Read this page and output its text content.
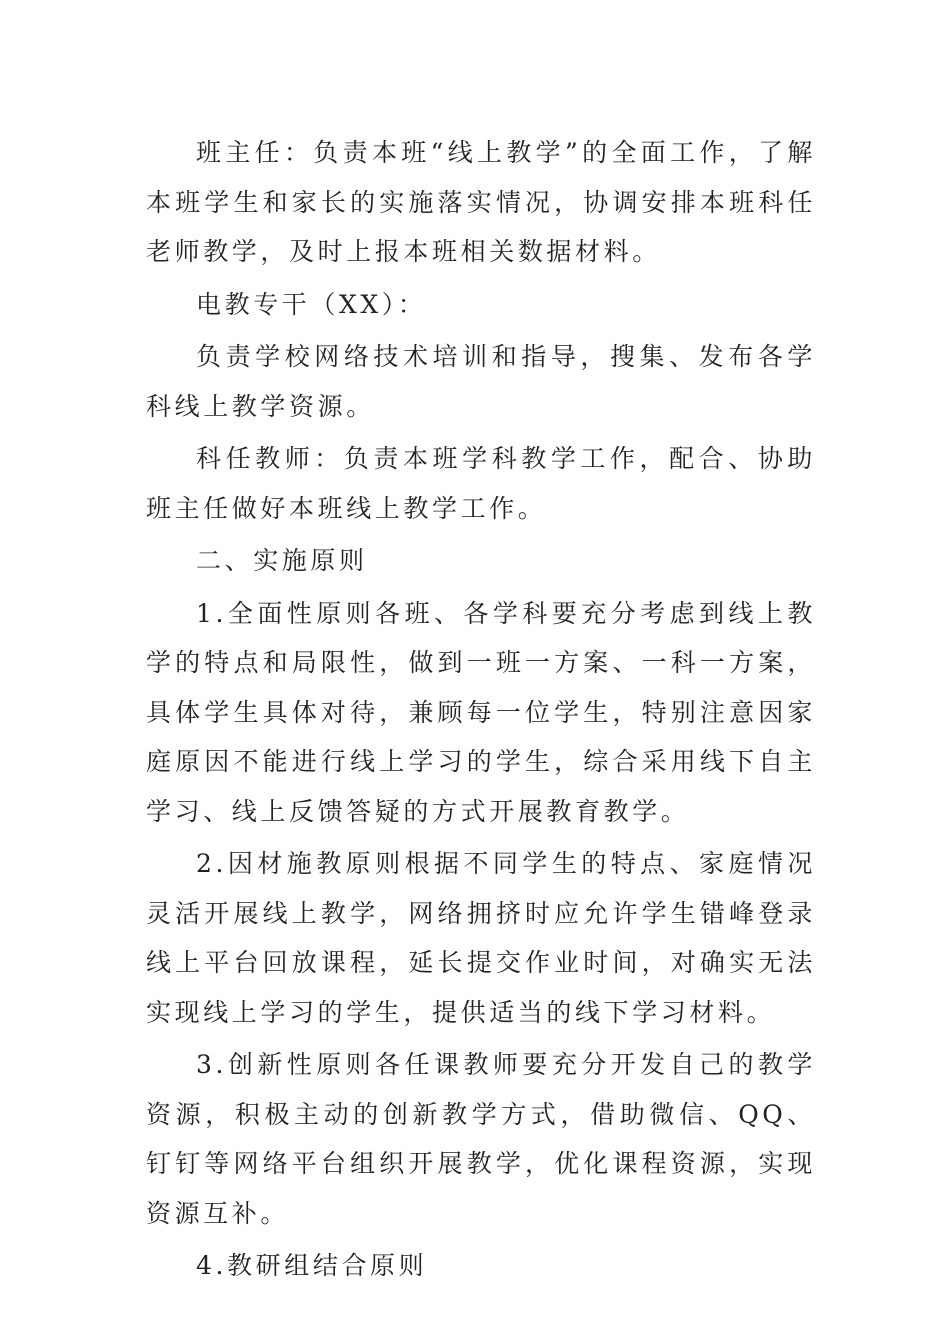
班主任：负责本班“线上教学”的全面工作，了解本班学生和家长的实施落实情况，协调安排本班科任老师教学，及时上报本班相关数据材料。

电教专干（XX）：

负责学校网络技术培训和指导，搜集、发布各学科线上教学资源。

科任教师：负责本班学科教学工作，配合、协助班主任做好本班线上教学工作。

二、实施原则

1.全面性原则各班、各学科要充分考虑到线上教学的特点和局限性，做到一班一方案、一科一方案，具体学生具体对待，兼顾每一位学生，特别注意因家庭原因不能进行线上学习的学生，综合采用线下自主学习、线上反馈答疑的方式开展教育教学。

2.因材施教原则根据不同学生的特点、家庭情况灵活开展线上教学，网络拥挤时应允许学生错峰登录线上平台回放课程，延长提交作业时间，对确实无法实现线上学习的学生，提供适当的线下学习材料。

3.创新性原则各任课教师要充分开发自己的教学资源，积极主动的创新教学方式，借助微信、QQ、钉钉等网络平台组织开展教学，优化课程资源，实现资源互补。

4.教研组结合原则
